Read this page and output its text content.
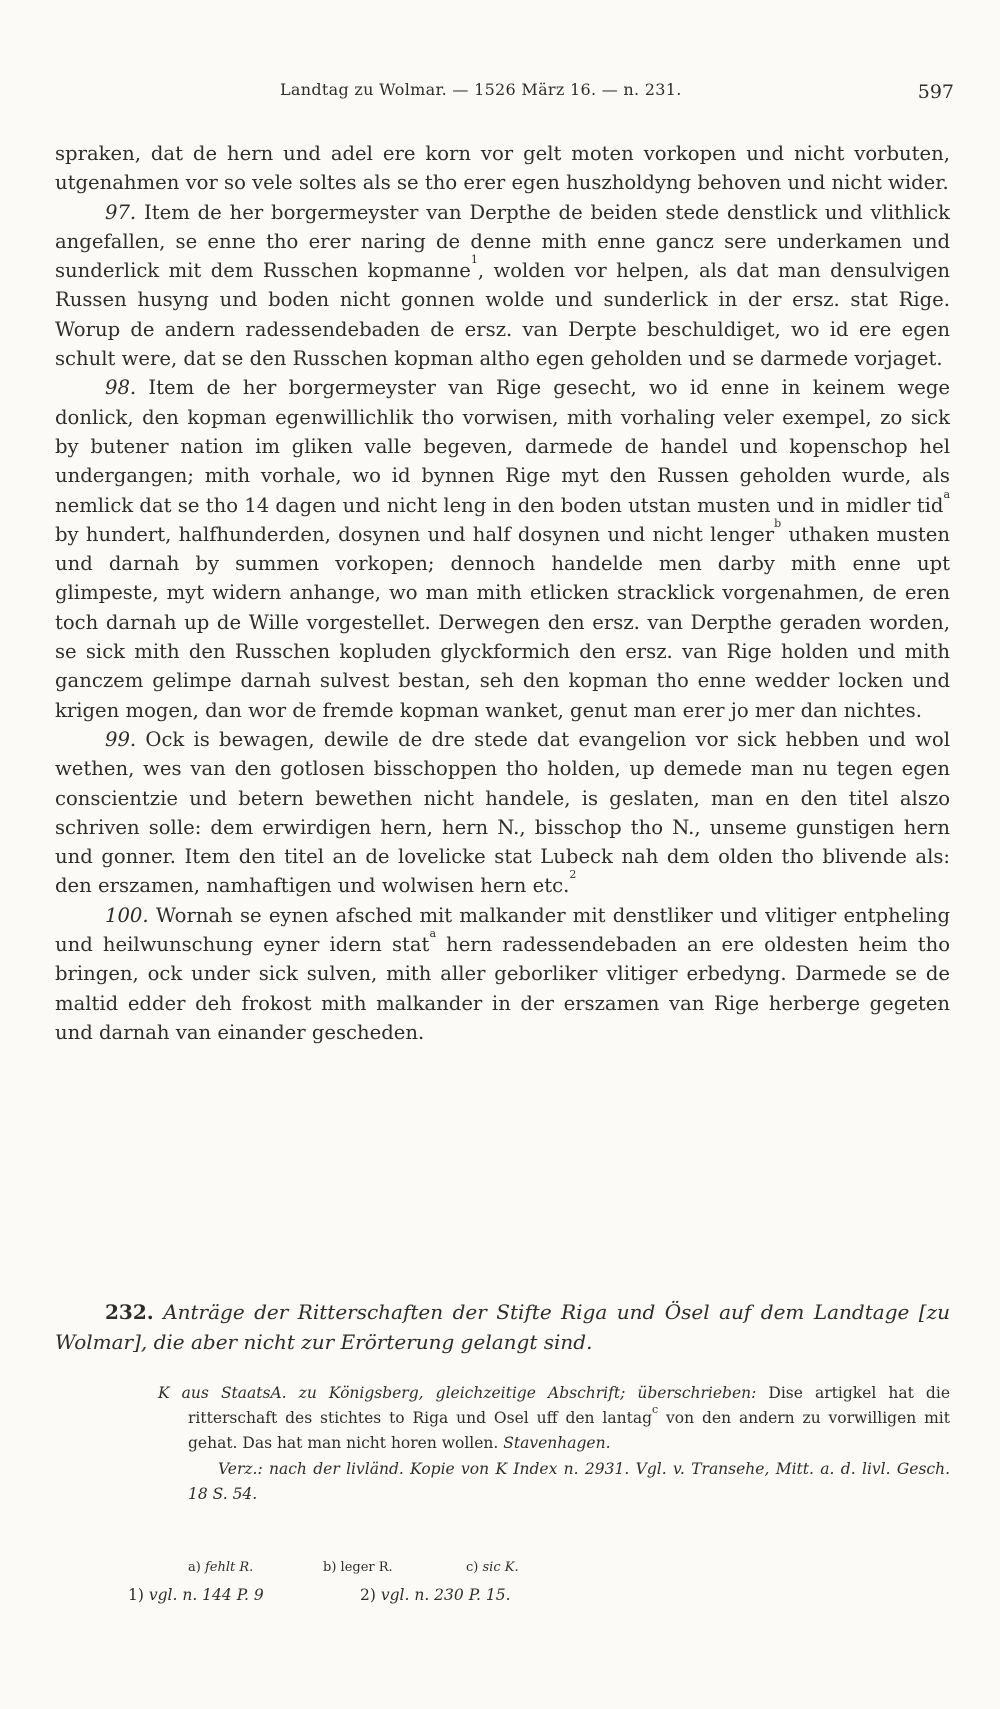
Landtag zu Wolmar. — 1526 März 16. — n. 231.	597

spraken, dat de hern und adel ere korn vor gelt moten vorkopen und nicht vorbuten, utgenahmen vor so vele soltes als se tho erer egen huszholdyng behoven und nicht wider.

97. Item de her borgermeyster van Derpthe de beiden stede denstlick und vlithlick angefallen, se enne tho erer naring de denne mith enne gancz sere underkamen und sunderlick mit dem Russchen kopmanne$^1$, wolden vor helpen, als dat man densulvigen Russen husyng und boden nicht gonnen wolde und sunderlick in der ersz. stat Rige. Worup de andern radessendebaden de ersz. van Derpte beschuldiget, wo id ere egen schult were, dat se den Russchen kopman altho egen geholden und se darmede vorjaget.

98. Item de her borgermeyster van Rige gesecht, wo id enne in keinem wege donlick, den kopman egenwillichlik tho vorwisen, mith vorhaling veler exempel, zo sick by butener nation im gliken valle begeven, darmede de handel und kopenschop hel undergangen; mith vorhale, wo id bynnen Rige myt den Russen geholden wurde, als nemlick dat se tho 14 dagen und nicht leng in den boden utstan musten und in midler tid$^a$ by hundert, halfhunderden, dosynen und half dosynen und nicht lenger$^b$ uthaken musten und darnah by summen vorkopen; dennoch handelde men darby mith enne upt glimpeste, myt widern anhange, wo man mith etlicken stracklick vorgenahmen, de eren toch darnah up de Wille vorgestellet. Derwegen den ersz. van Derpthe geraden worden, se sick mith den Russchen kopluden glyckformich den ersz. van Rige holden und mith ganczem gelimpe darnah sulvest bestan, seh den kopman tho enne wedder locken und krigen mogen, dan wor de fremde kopman wanket, genut man erer jo mer dan nichtes.

99. Ock is bewagen, dewile de dre stede dat evangelion vor sick hebben und wol wethen, wes van den gotlosen bisschoppen tho holden, up demede man nu tegen egen conscientzie und betern bewethen nicht handele, is geslaten, man en den titel alszo schriven solle: dem erwirdigen hern, hern N., bisschop tho N., unseme gunstigen hern und gonner. Item den titel an de lovelicke stat Lubeck nah dem olden tho blivende als: den erszamen, namhaftigen und wolwisen hern etc.$^2$

100. Wornah se eynen afsched mit malkander mit denstliker und vlitiger entpheling und heilwunschung eyner idern stat$^a$ hern radessendebaden an ere oldesten heim tho bringen, ock under sick sulven, mith aller geborliker vlitiger erbedyng. Darmede se de maltid edder deh frokost mith malkander in der erszamen van Rige herberge gegeten und darnah van einander gescheden.

232. Anträge der Ritterschaften der Stifte Riga und Ösel auf dem Landtage [zu Wolmar], die aber nicht zur Erörterung gelangt sind.

K aus StaatsA. zu Königsberg, gleichzeitige Abschrift; überschrieben: Dise artigkel hat die ritterschaft des stichtes to Riga und Osel uff den lantag$^c$ von den andern zu vorwilligen mit gehat. Das hat man nicht horen wollen. Stavenhagen.

Verz.: nach der livländ. Kopie von K Index n. 2931. Vgl. v. Transehe, Mitt. a. d. livl. Gesch. 18 S. 54.

a) fehlt R.	b) leger R.	c) sic K.
1) vgl. n. 144 P. 9	2) vgl. n. 230 P. 15.
